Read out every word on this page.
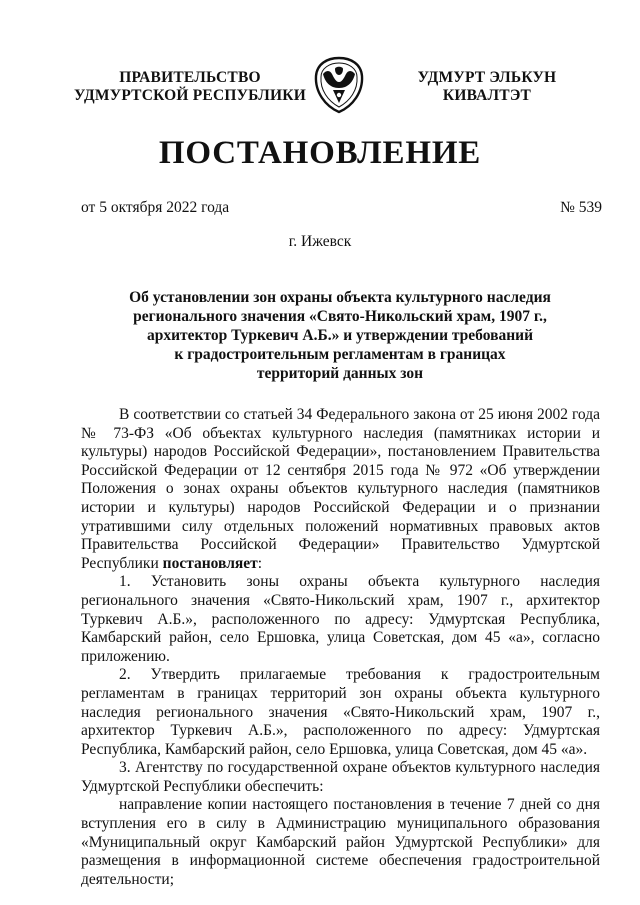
ПРАВИТЕЛЬСТВО
УДМУРТСКОЙ РЕСПУБЛИКИ
УДМУРТ ЭЛЬКУН
КИВАЛТЭТ
ПОСТАНОВЛЕНИЕ
от 5 октября 2022 года	№ 539
г. Ижевск
Об установлении зон охраны объекта культурного наследия
регионального значения «Свято-Никольский храм, 1907 г.,
архитектор Туркевич А.Б.» и утверждении требований
к градостроительным регламентам в границах
территорий данных зон

В соответствии со статьей 34 Федерального закона от 25 июня 2002 года № 73-ФЗ «Об объектах культурного наследия (памятниках истории и культуры) народов Российской Федерации», постановлением Правительства Российской Федерации от 12 сентября 2015 года № 972 «Об утверждении Положения о зонах охраны объектов культурного наследия (памятников истории и культуры) народов Российской Федерации и о признании утратившими силу отдельных положений нормативных правовых актов Правительства Российской Федерации» Правительство Удмуртской Республики постановляет:

1. Установить зоны охраны объекта культурного наследия регионального значения «Свято-Никольский храм, 1907 г., архитектор Туркевич А.Б.», расположенного по адресу: Удмуртская Республика, Камбарский район, село Ершовка, улица Советская, дом 45 «а», согласно приложению.

2. Утвердить прилагаемые требования к градостроительным регламентам в границах территорий зон охраны объекта культурного наследия регионального значения «Свято-Никольский храм, 1907 г., архитектор Туркевич А.Б.», расположенного по адресу: Удмуртская Республика, Камбарский район, село Ершовка, улица Советская, дом 45 «а».

3. Агентству по государственной охране объектов культурного наследия Удмуртской Республики обеспечить:

направление копии настоящего постановления в течение 7 дней со дня вступления его в силу в Администрацию муниципального образования «Муниципальный округ Камбарский район Удмуртской Республики» для размещения в информационной системе обеспечения градостроительной деятельности;
